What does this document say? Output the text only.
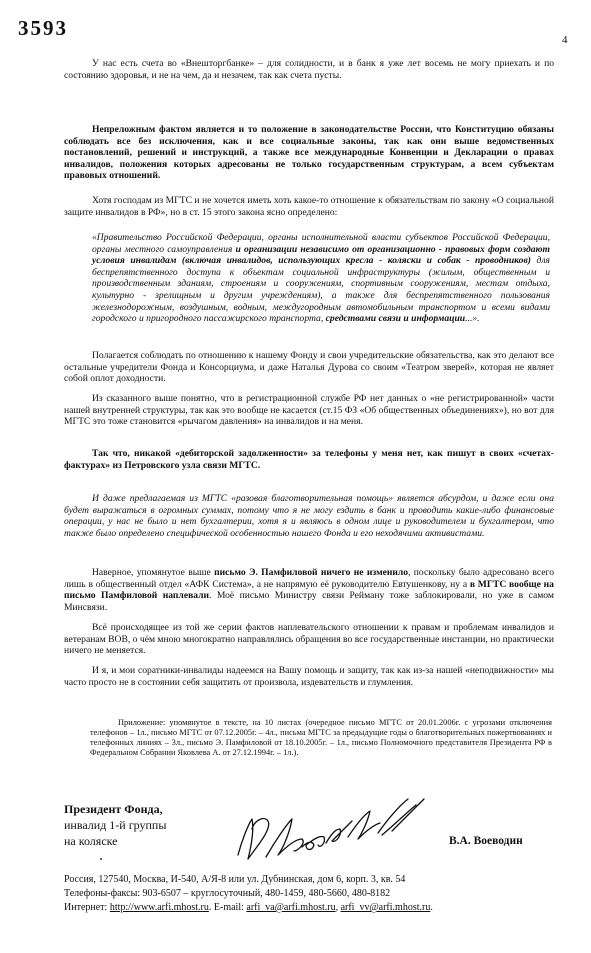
3593	4
У нас есть счета во «Внешторгбанке» – для солидности, и в банк я уже лет восемь не могу приехать и по состоянию здоровья, и не на чем, да и незачем, так как счета пусты.
Непреложным фактом является и то положение в законодательстве России, что Конституцию обязаны соблюдать все без исключения, как и все социальные законы, так как они выше ведомственных постановлений, решений и инструкций, а также все международные Конвенции и Декларации о правах инвалидов, положения которых адресованы не только государственным структурам, а всем субъектам правовых отношений.
Хотя господам из МГТС и не хочется иметь хоть какое-то отношение к обязательствам по закону «О социальной защите инвалидов в РФ», но в ст. 15 этого закона ясно определено:
«Правительство Российской Федерации, органы исполнительной власти субъектов Российской Федерации, органы местного самоуправления и организации независимо от организационно - правовых форм создают условия инвалидам (включая инвалидов, использующих кресла - коляски и собак - проводников) для беспрепятственного доступа к объектам социальной инфраструктуры (жилым, общественным и производственным зданиям, строениям и сооружениям, спортивным сооружениям, местам отдыха, культурно - зрелищным и другим учреждениям), а также для беспрепятственного пользования железнодорожным, воздушным, водным, междугородным автомобильным транспортом и всеми видами городского и пригородного пассажирского транспорта, средствами связи и информации...».
Полагается соблюдать по отношению к нашему Фонду и свои учредительские обязательства, как это делают все остальные учредители Фонда и Консорциума, и даже Наталья Дурова со своим «Театром зверей», которая не являет собой оплот доходности.
Из сказанного выше понятно, что в регистрационной службе РФ нет данных о «не регистрированной» части нашей внутренней структуры, так как это вообще не касается (ст.15 ФЗ «Об общественных объединениях»), но вот для МГТС это тоже становится «рычагом давления» на инвалидов и на меня.
Так что, никакой «дебиторской задолженности» за телефоны у меня нет, как пишут в своих «счетах-фактурах» из Петровского узла связи МГТС.
И даже предлагаемая из МГТС «разовая благотворительная помощь» является абсурдом, и даже если она будет выражаться в огромных суммах, потому что я не могу ездить в банк и проводить какие-либо финансовые операции, у нас не было и нет бухгалтерии, хотя я и являюсь в одном лице и руководителем и бухгалтером, что также было определено специфической особенностью нашего Фонда и его неходячими активистами.
Наверное, упомянутое выше письмо Э. Памфиловой ничего не изменило, поскольку было адресовано всего лишь в общественный отдел «АФК Система», а не напрямую её руководителю Евтушенкову, ну а в МГТС вообще на письмо Памфиловой наплевали. Моё письмо Министру связи Рейману тоже заблокировали, но уже в самом Минсвязи.
Всё происходящее из той же серии фактов наплевательского отношении к правам и проблемам инвалидов и ветеранам ВОВ, о чём мною многократно направлялись обращения во все государственные инстанции, но практически ничего не меняется.
И я, и мои соратники-инвалиды надеемся на Вашу помощь и защиту, так как из-за нашей «неподвижности» мы часто просто не в состоянии себя защитить от произвола, издевательств и глумления.
Приложение: упомянутое в тексте, на 10 листах (очередное письмо МГТС от 20.01.2006г. с угрозами отключения телефонов – 1л., письмо МГТС от 07.12.2005г. – 4л., письма МГТС за предыдущие годы о благотворительных пожертвованиях и телефонных линиях – 3л., письмо Э. Памфиловой от 18.10.2005г. – 1л., письмо Полномочного представителя Президента РФ в Федеральном Собрании Яковлева А. от 27.12.1994г. – 1л.).
Президент Фонда,
инвалид 1-й группы
на коляске	В.А. Воеводин
Россия, 127540, Москва, И-540, А/Я-8 или ул. Дубнинская, дом 6, корп. 3, кв. 54
Телефоны-факсы: 903-6507 – круглосуточный, 480-1459, 480-5660, 480-8182
Интернет: http://www.arfi.mhost.ru. E-mail: arfi_va@arfi.mhost.ru, arfi_vv@arfi.mhost.ru.
